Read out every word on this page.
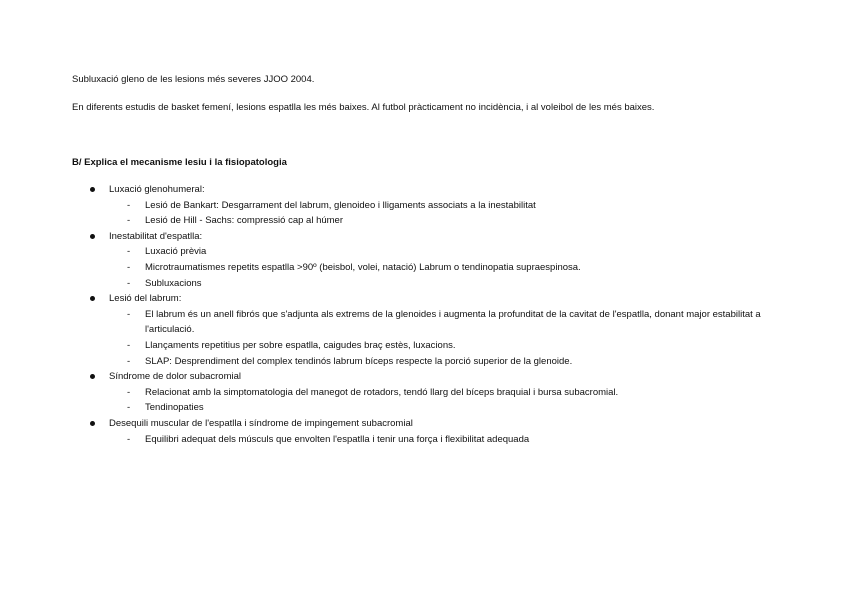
Subluxació gleno de les lesions més severes JJOO 2004.

En diferents estudis de basket femení, lesions espatlla les més baixes. Al futbol pràcticament no incidència, i al voleibol de les més baixes.

B/ Explica el mecanisme lesiu i la fisiopatologia

Luxació glenohumeral:
- Lesió de Bankart: Desgarrament del labrum, glenoideo i lligaments associats a la inestabilitat
- Lesió de Hill - Sachs: compressió cap al húmer
Inestabilitat d'espatlla:
- Luxació prèvia
- Microtraumatismes repetits espatlla >90º (beisbol, volei, natació) Labrum o tendinopatia supraespinosa.
- Subluxacions
Lesió del labrum:
- El labrum és un anell fibrós que s'adjunta als extrems de la glenoides i augmenta la profunditat de la cavitat de l'espatlla, donant major estabilitat a l'articulació.
- Llançaments repetitius per sobre espatlla, caigudes braç estès, luxacions.
- SLAP: Desprendiment del complex tendinós labrum bíceps respecte la porció superior de la glenoide.
Síndrome de dolor subacromial
- Relacionat amb la simptomatologia del manegot de rotadors, tendó llarg del bíceps braquial i bursa subacromial.
- Tendinopaties
Desequili muscular de l'espatlla i síndrome de impingement subacromial
- Equilibri adequat dels músculs que envolten l'espatlla i tenir una força i flexibilitat adequada
